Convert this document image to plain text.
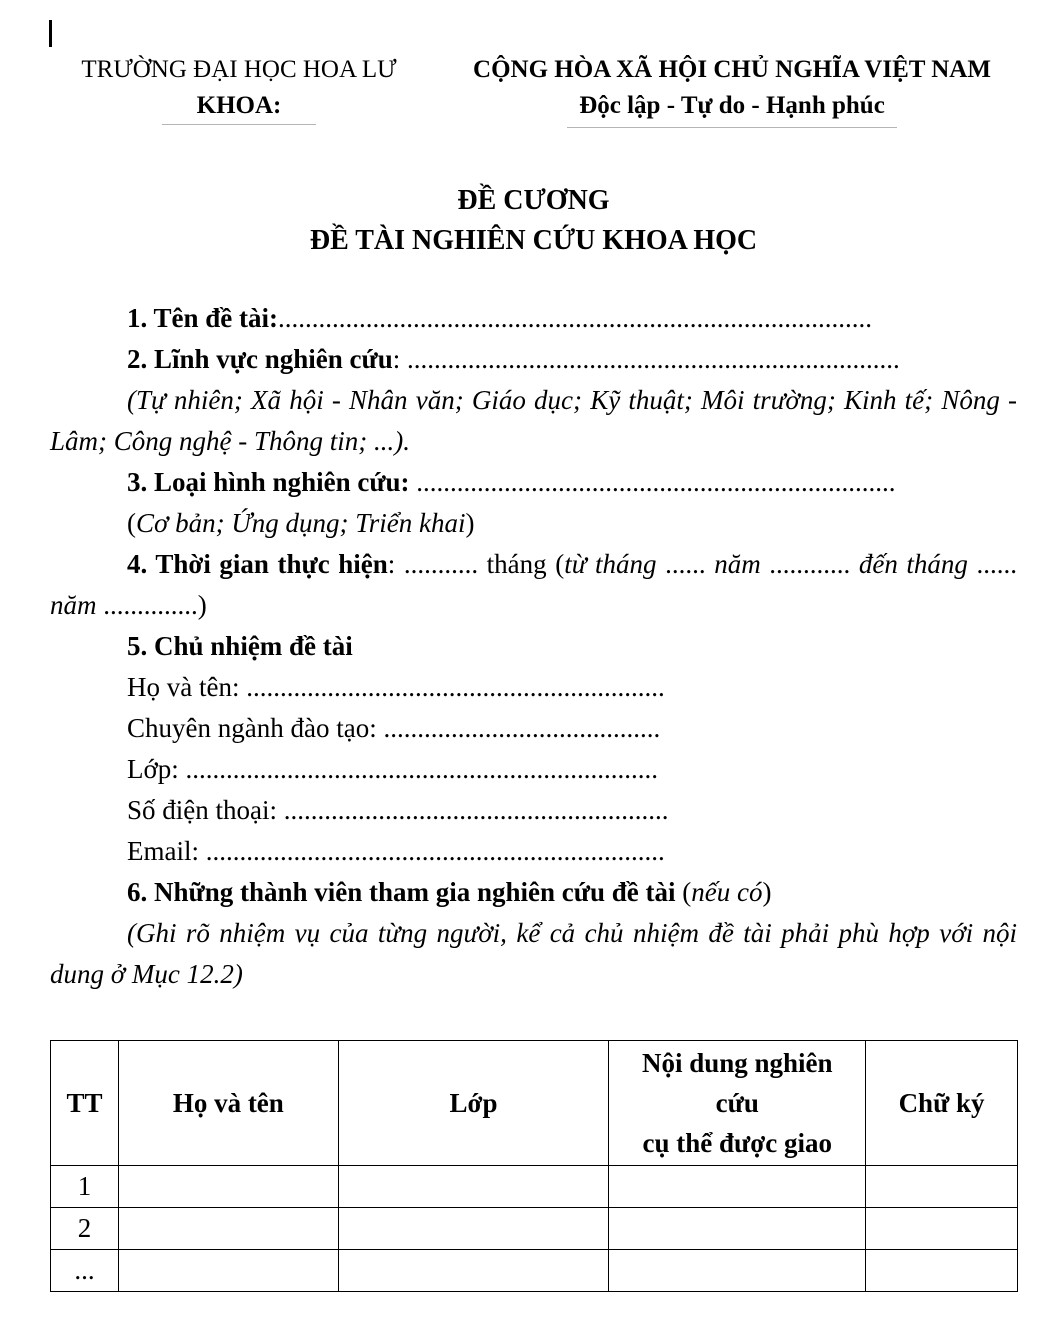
TRƯỜNG ĐẠI HỌC HOA LƯ
KHOA:
CỘNG HÒA XÃ HỘI CHỦ NGHĨA VIỆT NAM
Độc lập - Tự do - Hạnh phúc
ĐỀ CƯƠNG
ĐỀ TÀI NGHIÊN CỨU KHOA HỌC

1. Tên đề tài:........................................................................................

2. Lĩnh vực nghiên cứu: .........................................................................

(Tự nhiên; Xã hội - Nhân văn; Giáo dục; Kỹ thuật; Môi trường; Kinh tế; Nông - Lâm; Công nghệ - Thông tin; ...).

3. Loại hình nghiên cứu: .......................................................................

(Cơ bản; Ứng dụng; Triển khai)

4. Thời gian thực hiện: ........... tháng (từ tháng ...... năm ............ đến tháng ...... năm ..............)

5. Chủ nhiệm đề tài

Họ và tên: ..............................................................

Chuyên ngành đào tạo: .........................................

Lớp: ......................................................................

Số điện thoại: .........................................................

Email: ....................................................................

6. Những thành viên tham gia nghiên cứu đề tài (nếu có)

(Ghi rõ nhiệm vụ của từng người, kể cả chủ nhiệm đề tài phải phù hợp với nội dung ở Mục 12.2)

TT	Họ và tên	Lớp	Nội dung nghiên
cứu
cụ thể được giao	Chữ ký
1				
2				
...				
